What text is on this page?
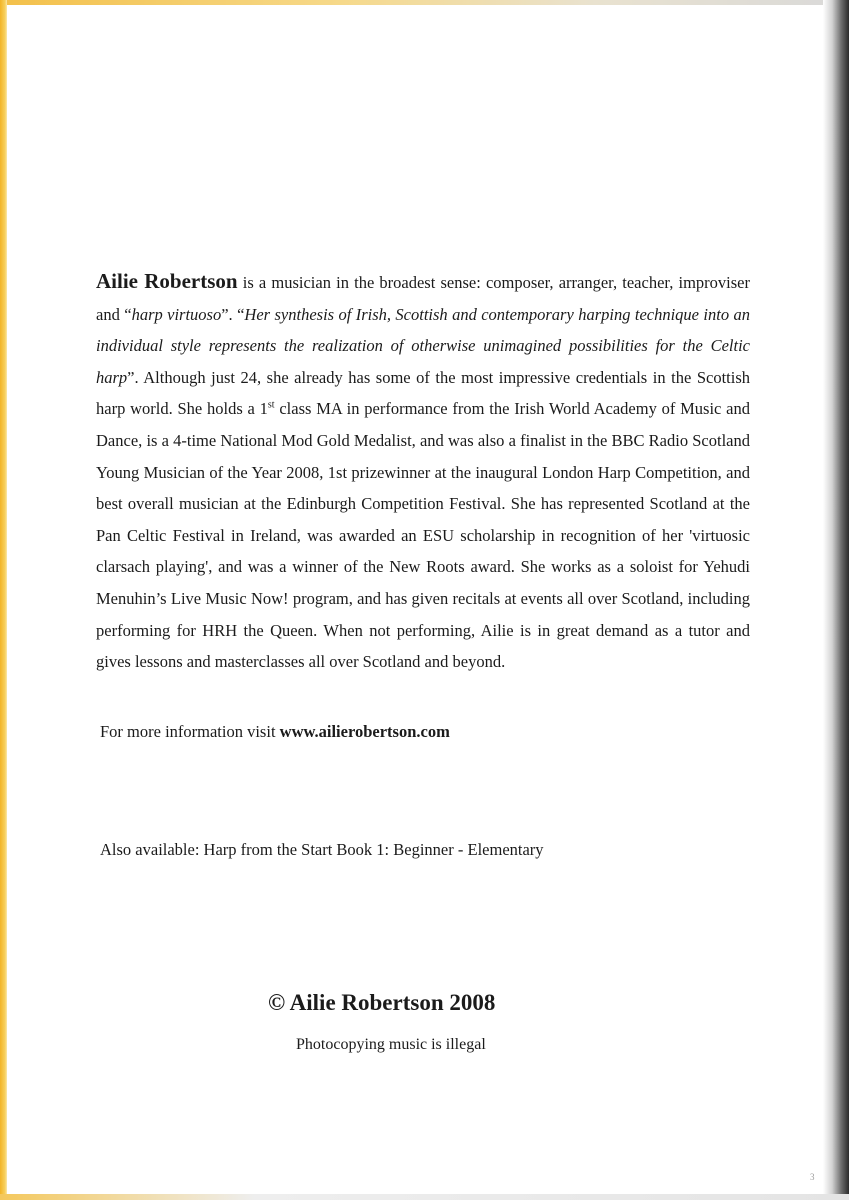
Ailie Robertson is a musician in the broadest sense: composer, arranger, teacher, improviser and “harp virtuoso”. “Her synthesis of Irish, Scottish and contemporary harping technique into an individual style represents the realization of otherwise unimagined possibilities for the Celtic harp”. Although just 24, she already has some of the most impressive credentials in the Scottish harp world. She holds a 1st class MA in performance from the Irish World Academy of Music and Dance, is a 4-time National Mod Gold Medalist, and was also a finalist in the BBC Radio Scotland Young Musician of the Year 2008, 1st prizewinner at the inaugural London Harp Competition, and best overall musician at the Edinburgh Competition Festival. She has represented Scotland at the Pan Celtic Festival in Ireland, was awarded an ESU scholarship in recognition of her 'virtuosic clarsach playing', and was a winner of the New Roots award. She works as a soloist for Yehudi Menuhin’s Live Music Now! program, and has given recitals at events all over Scotland, including performing for HRH the Queen. When not performing, Ailie is in great demand as a tutor and gives lessons and masterclasses all over Scotland and beyond.

For more information visit www.ailierobertson.com

Also available: Harp from the Start Book 1: Beginner - Elementary

© Ailie Robertson 2008

Photocopying music is illegal

3
